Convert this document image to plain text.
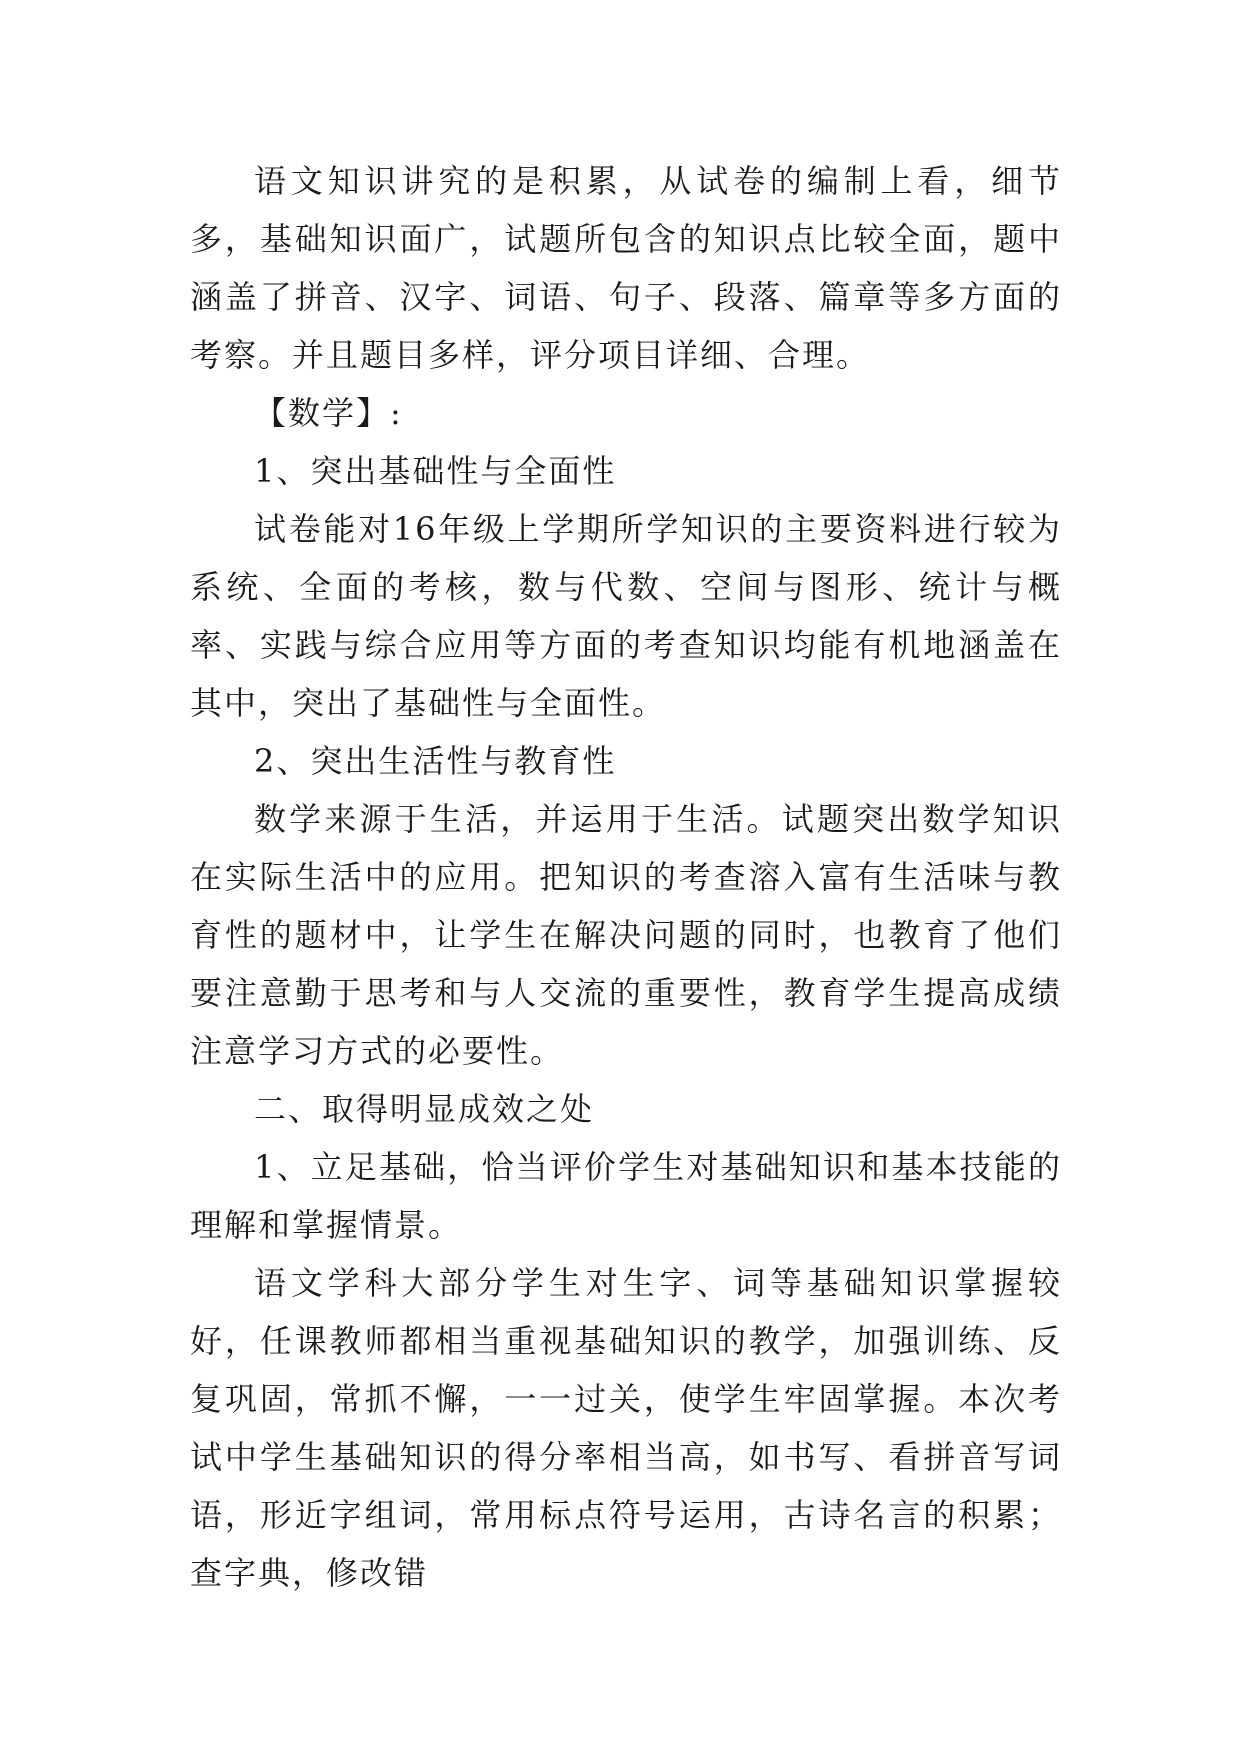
语文知识讲究的是积累，从试卷的编制上看，细节多，基础知识面广，试题所包含的知识点比较全面，题中涵盖了拼音、汉字、词语、句子、段落、篇章等多方面的考察。并且题目多样，评分项目详细、合理。

【数学】:

1、突出基础性与全面性

试卷能对16年级上学期所学知识的主要资料进行较为系统、全面的考核，数与代数、空间与图形、统计与概率、实践与综合应用等方面的考查知识均能有机地涵盖在其中，突出了基础性与全面性。

2、突出生活性与教育性

数学来源于生活，并运用于生活。试题突出数学知识在实际生活中的应用。把知识的考查溶入富有生活味与教育性的题材中，让学生在解决问题的同时，也教育了他们要注意勤于思考和与人交流的重要性，教育学生提高成绩注意学习方式的必要性。

二、取得明显成效之处

1、立足基础，恰当评价学生对基础知识和基本技能的理解和掌握情景。

语文学科大部分学生对生字、词等基础知识掌握较好，任课教师都相当重视基础知识的教学，加强训练、反复巩固，常抓不懈，一一过关，使学生牢固掌握。本次考试中学生基础知识的得分率相当高，如书写、看拼音写词语，形近字组词，常用标点符号运用，古诗名言的积累；查字典，修改错
